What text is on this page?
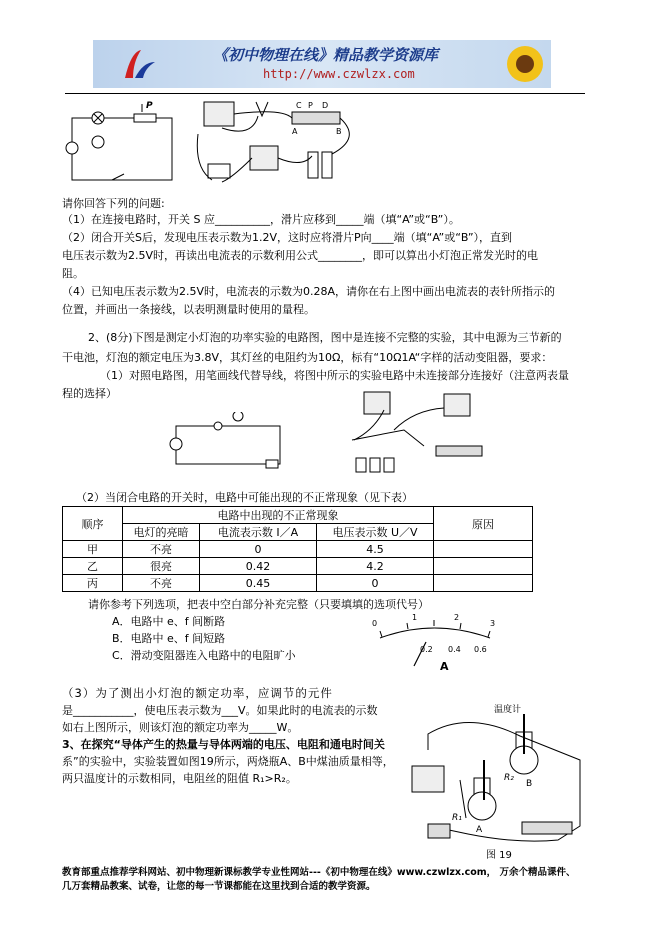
《初中物理在线》精品教学资源库
http://www.czwlzx.com
P	C P D
A	B
请你回答下列的问题:
（1）在连接电路时，开关 S 应__________，滑片应移到_____端（填“A”或“B”）。
（2）闭合开关S后，发现电压表示数为1.2V，这时应将滑片P向____端（填“A”或“B”），直到
电压表示数为2.5V时，再读出电流表的示数利用公式________，即可以算出小灯泡正常发光时的电
阻。
（4）已知电压表示数为2.5V时，电流表的示数为0.28A，请你在右上图中画出电流表的表针所指示的
位置，并画出一条接线，以表明测量时使用的量程。
2、(8分)下图是测定小灯泡的功率实验的电路图，图中是连接不完整的实验，其中电源为三节新的
干电池，灯泡的额定电压为3.8V，其灯丝的电阻约为10Ω，标有“10Ω1A“字样的活动变阻器，要求：
（1）对照电路图，用笔画线代替导线，将图中所示的实验电路中未连接部分连接好（注意两表量
程的选择）
（2）当闭合电路的开关时，电路中可能出现的不正常现象（见下表）
顺序	电路中出现的不正常现象			原因
	电灯的亮暗	电流表示数 I／A	电压表示数 U／V	
甲	不亮	0	4.5	
乙	很亮	0.42	4.2	
丙	不亮	0.45	0	
请你参考下列选项，把表中空白部分补充完整（只要填填的选项代号）
A．电路中 e、f 间断路
B．电路中 e、f 间短路
C．滑动变阻器连入电路中的电阻旷小
0
1	2
3
0.2 0.4 0.6
A
（3）为了测出小灯泡的额定功率，应调节的元件
是___________，使电压表示数为___V。如果此时的电流表的示数
如右上图所示，则该灯泡的额定功率为_____W。
3、在探究“导体产生的热量与导体两端的电压、电阻和通电时间关
系”的实验中，实验装置如图19所示，两烧瓶A、B中煤油质量相等，
两只温度计的示数相同，电阻丝的阻值 R₁>R₂。
温度计
R₂
B
R₁
A
图 19
教育部重点推荐学科网站、初中物理新课标教学专业性网站---《初中物理在线》www.czwlzx.com， 万余个精品课件、
几万套精品教案、试卷，让您的每一节课都能在这里找到合适的教学资源。
